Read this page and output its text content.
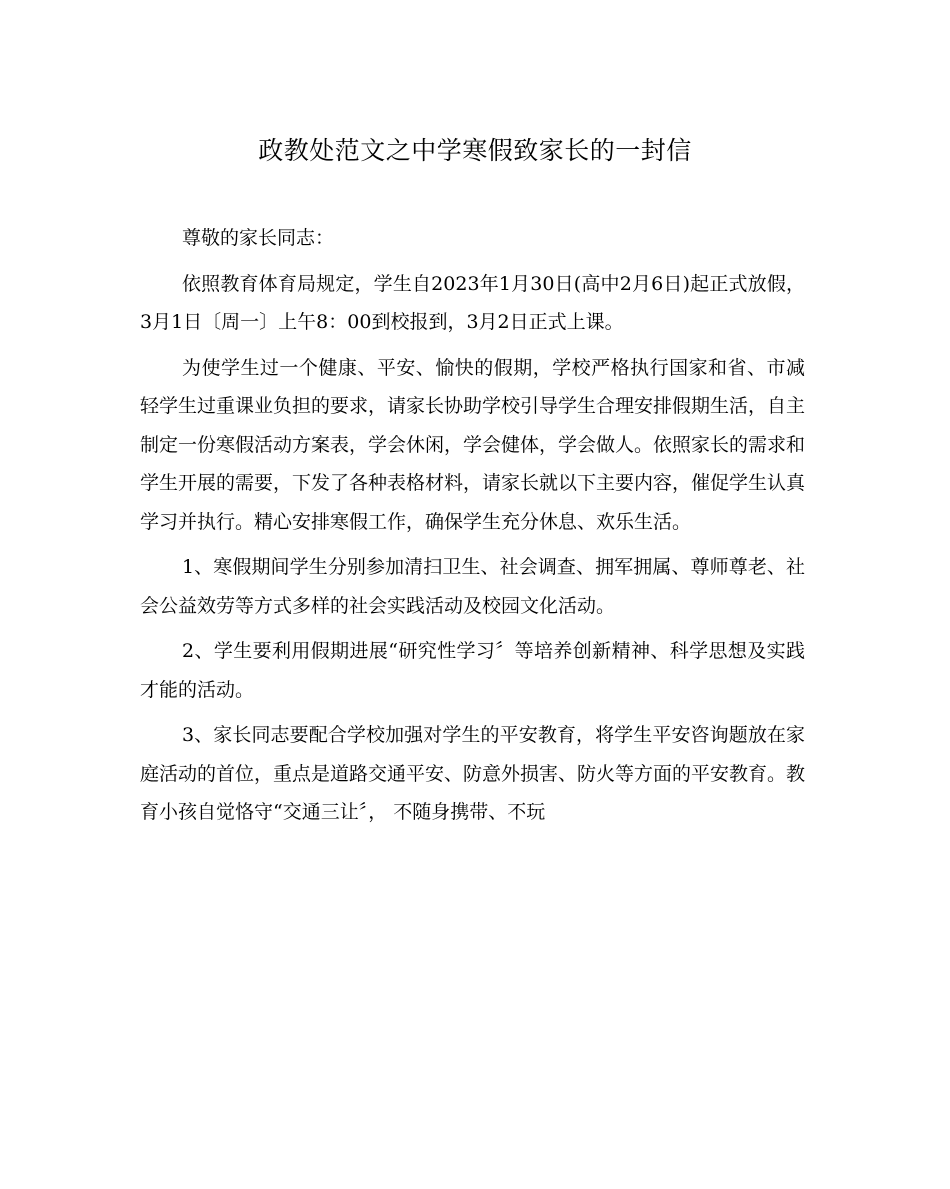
政教处范文之中学寒假致家长的一封信

尊敬的家长同志：

依照教育体育局规定，学生自2023年1月30日(高中2月6日)起正式放假，3月1日〔周一〕上午8：00到校报到，3月2日正式上课。

为使学生过一个健康、平安、愉快的假期，学校严格执行国家和省、市减轻学生过重课业负担的要求，请家长协助学校引导学生合理安排假期生活，自主制定一份寒假活动方案表，学会休闲，学会健体，学会做人。依照家长的需求和学生开展的需要，下发了各种表格材料，请家长就以下主要内容，催促学生认真学习并执行。精心安排寒假工作，确保学生充分休息、欢乐生活。

1、寒假期间学生分别参加清扫卫生、社会调查、拥军拥属、尊师尊老、社会公益效劳等方式多样的社会实践活动及校园文化活动。

2、学生要利用假期进展“研究性学习〞等培养创新精神、科学思想及实践才能的活动。

3、家长同志要配合学校加强对学生的平安教育，将学生平安咨询题放在家庭活动的首位，重点是道路交通平安、防意外损害、防火等方面的平安教育。教育小孩自觉恪守“交通三让〞， 不随身携带、不玩
